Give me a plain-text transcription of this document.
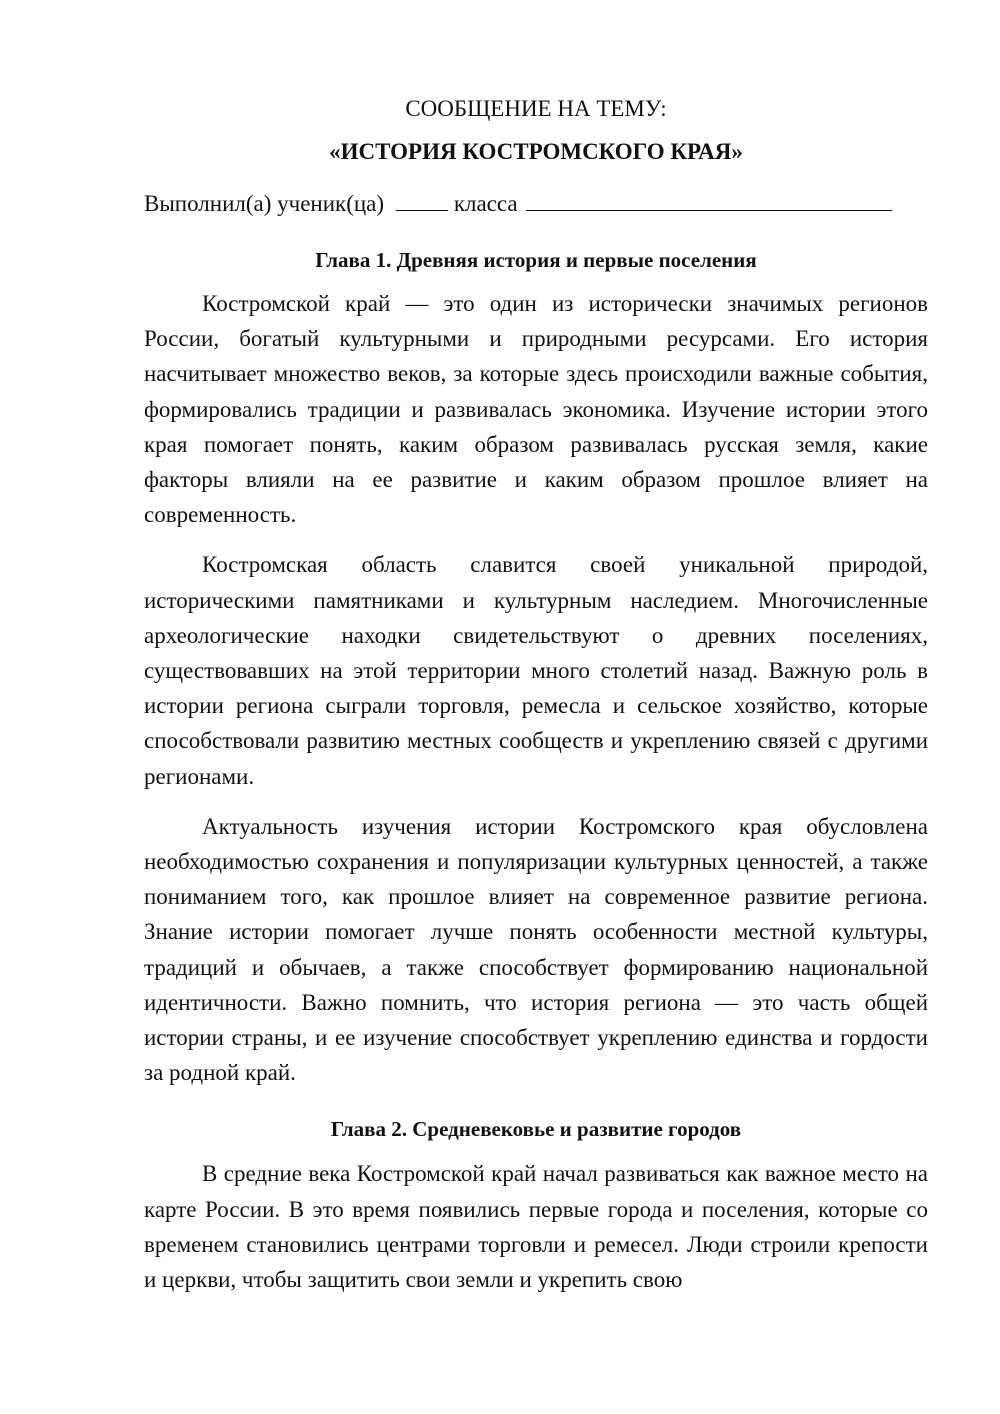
СООБЩЕНИЕ НА ТЕМУ:

«ИСТОРИЯ КОСТРОМСКОГО КРАЯ»

Выполнил(а) ученик(ца)	класса

Глава 1. Древняя история и первые поселения

Костромской край — это один из исторически значимых регионов России, богатый культурными и природными ресурсами. Его история насчитывает множество веков, за которые здесь происходили важные события, формировались традиции и развивалась экономика. Изучение истории этого края помогает понять, каким образом развивалась русская земля, какие факторы влияли на ее развитие и каким образом прошлое влияет на современность.

Костромская область славится своей уникальной природой, историческими памятниками и культурным наследием. Многочисленные археологические находки свидетельствуют о древних поселениях, существовавших на этой территории много столетий назад. Важную роль в истории региона сыграли торговля, ремесла и сельское хозяйство, которые способствовали развитию местных сообществ и укреплению связей с другими регионами.

Актуальность изучения истории Костромского края обусловлена необходимостью сохранения и популяризации культурных ценностей, а также пониманием того, как прошлое влияет на современное развитие региона. Знание истории помогает лучше понять особенности местной культуры, традиций и обычаев, а также способствует формированию национальной идентичности. Важно помнить, что история региона — это часть общей истории страны, и ее изучение способствует укреплению единства и гордости за родной край.

Глава 2. Средневековье и развитие городов

В средние века Костромской край начал развиваться как важное место на карте России. В это время появились первые города и поселения, которые со временем становились центрами торговли и ремесел. Люди строили крепости и церкви, чтобы защитить свои земли и укрепить свою
